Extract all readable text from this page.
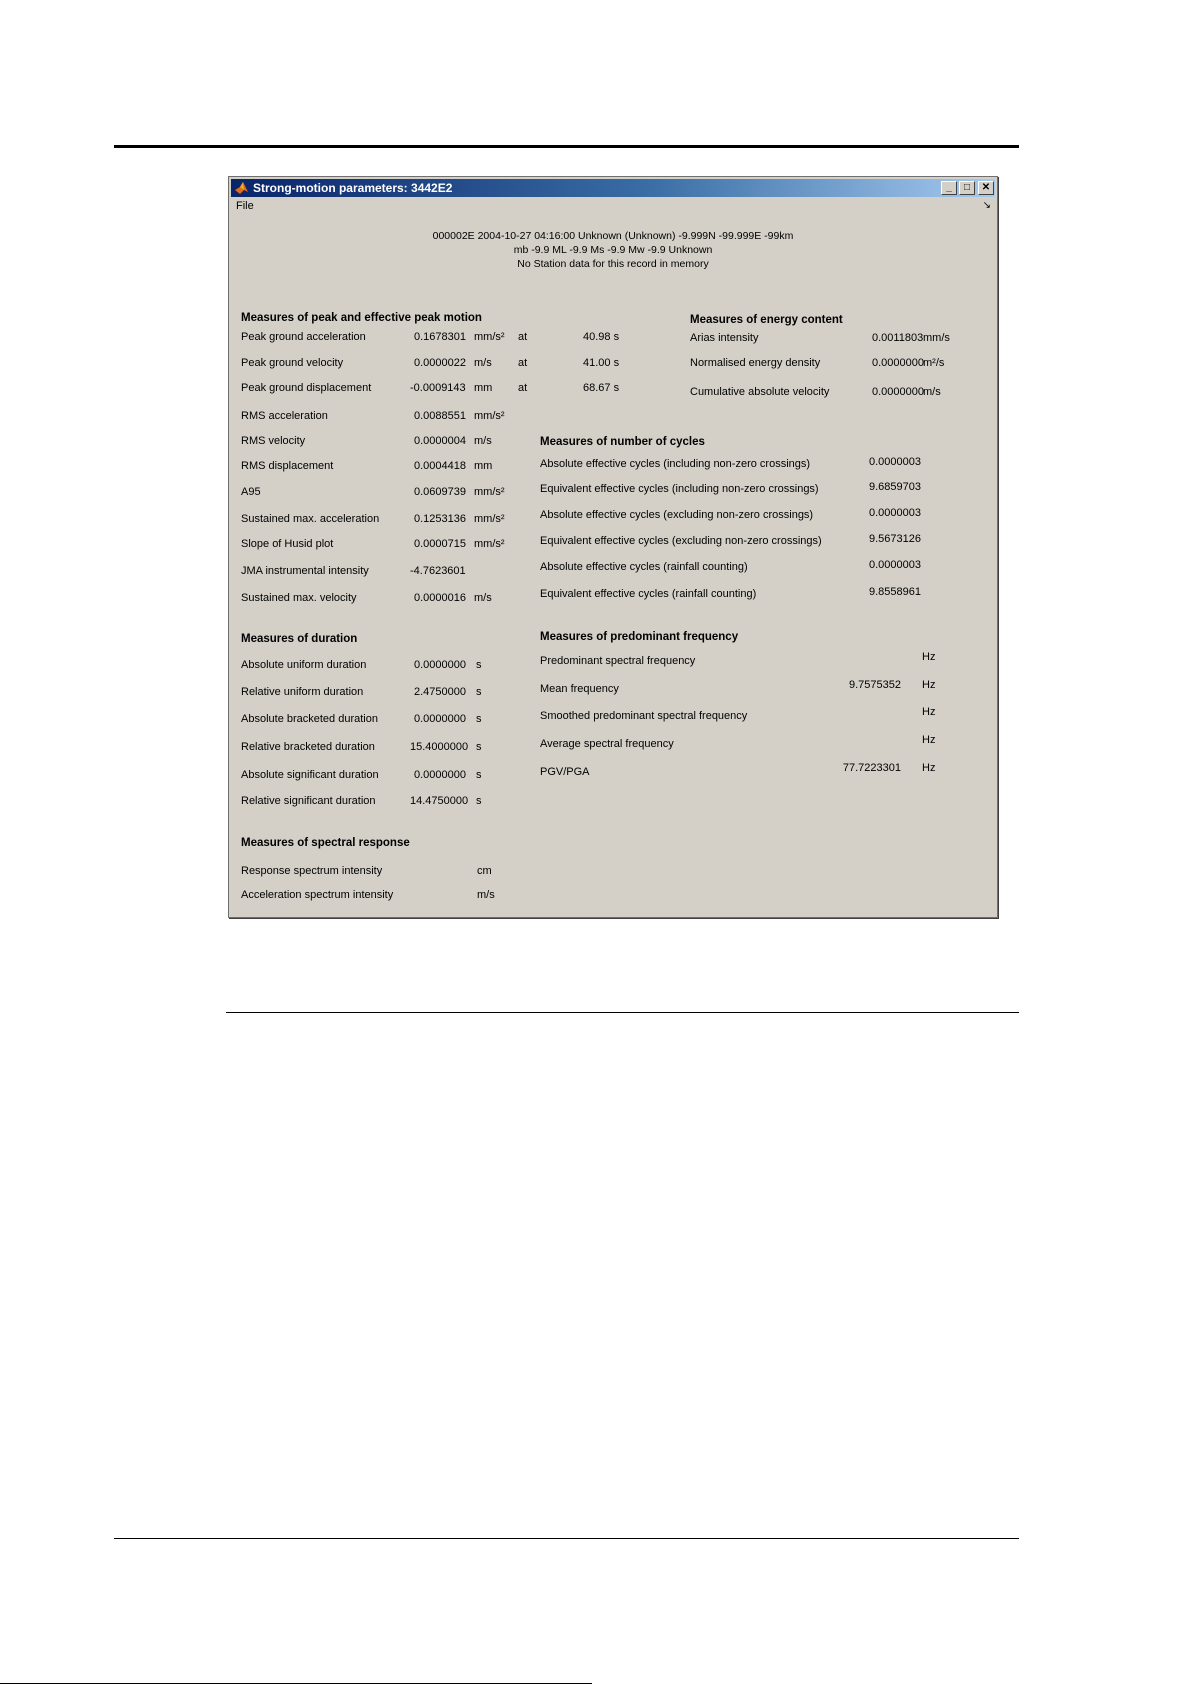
Strong-motion parameters: 3442E2	_	□	✕
File	↘
000002E 2004-10-27 04:16:00 Unknown (Unknown) -9.999N -99.999E -99km
mb -9.9 ML -9.9 Ms -9.9 Mw -9.9 Unknown
No Station data for this record in memory
Measures of peak and effective peak motion	Measures of energy content
Measures of number of cycles
Measures of duration	Measures of predominant frequency
Measures of spectral response
Peak ground acceleration	0.1678301 mm/s² at	40.98 s
Peak ground velocity	0.0000022 m/s at	41.00 s
Peak ground displacement	-0.0009143 mm at	68.67 s
RMS acceleration	0.0088551 mm/s²
RMS velocity	0.0000004 m/s
RMS displacement	0.0004418 mm
A95	0.0609739 mm/s²
Sustained max. acceleration	0.1253136 mm/s²
Slope of Husid plot	0.0000715 mm/s²
JMA instrumental intensity	-4.7623601
Sustained max. velocity	0.0000016 m/s
Arias intensity	0.0011803 mm/s
Normalised energy density	0.0000000 m²/s
Cumulative absolute velocity	0.0000000 m/s
Absolute effective cycles (including non-zero crossings)	0.0000003
Equivalent effective cycles (including non-zero crossings)	9.6859703
Absolute effective cycles (excluding non-zero crossings)	0.0000003
Equivalent effective cycles (excluding non-zero crossings)	9.5673126
Absolute effective cycles (rainfall counting)	0.0000003
Equivalent effective cycles (rainfall counting)	9.8558961
Absolute uniform duration	0.0000000 s
Relative uniform duration	2.4750000 s
Absolute bracketed duration	0.0000000 s
Relative bracketed duration	15.4000000 s
Absolute significant duration	0.0000000 s
Relative significant duration	14.4750000 s
Predominant spectral frequency	Hz
Mean frequency	9.7575352 Hz
Smoothed predominant spectral frequency	Hz
Average spectral frequency	Hz
PGV/PGA	77.7223301 Hz
Response spectrum intensity	cm
Acceleration spectrum intensity	m/s
